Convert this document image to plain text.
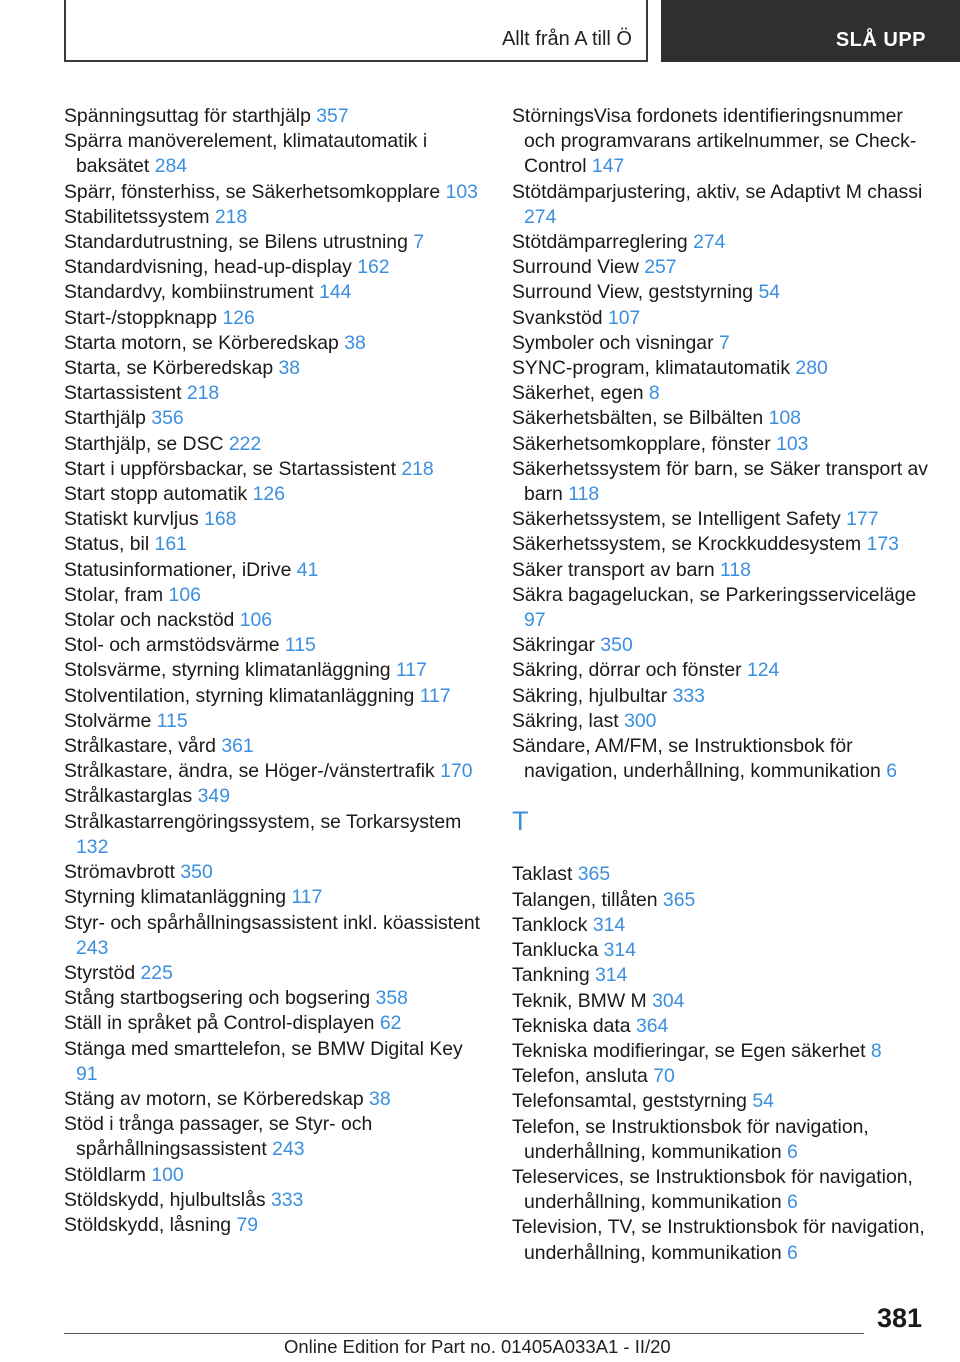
Allt från A till Ö	SLÅ UPP
Spänningsuttag för starthjälp 357
Spärra manöverelement, klimatautomatik i baksätet 284
Spärr, fönsterhiss, se Säkerhetsomkopplare 103
Stabilitetssystem 218
Standardutrustning, se Bilens utrustning 7
Standardvisning, head-up-display 162
Standardvy, kombiinstrument 144
Start-/stoppknapp 126
Starta motorn, se Körberedskap 38
Starta, se Körberedskap 38
Startassistent 218
Starthjälp 356
Starthjälp, se DSC 222
Start i uppförsbackar, se Startassistent 218
Start stopp automatik 126
Statiskt kurvljus 168
Status, bil 161
Statusinformationer, iDrive 41
Stolar, fram 106
Stolar och nackstöd 106
Stol- och armstödsvärme 115
Stolsvärme, styrning klimatanläggning 117
Stolventilation, styrning klimatanläggning 117
Stolvärme 115
Strålkastare, vård 361
Strålkastare, ändra, se Höger-/vänstertrafik 170
Strålkastarglas 349
Strålkastarrengöringssystem, se Torkarsystem 132
Strömavbrott 350
Styrning klimatanläggning 117
Styr- och spårhållningsassistent inkl. köassistent 243
Styrstöd 225
Stång startbogsering och bogsering 358
Ställ in språket på Control-displayen 62
Stänga med smarttelefon, se BMW Digital Key 91
Stäng av motorn, se Körberedskap 38
Stöd i trånga passager, se Styr- och spårhållningsassistent 243
Stöldlarm 100
Stöldskydd, hjulbultslås 333
Stöldskydd, låsning 79
StörningsVisa fordonets identifieringsnummer och programvarans artikelnummer, se Check-Control 147
Stötdämparjustering, aktiv, se Adaptivt M chassi 274
Stötdämparreglering 274
Surround View 257
Surround View, geststyrning 54
Svankstöd 107
Symboler och visningar 7
SYNC-program, klimatautomatik 280
Säkerhet, egen 8
Säkerhetsbälten, se Bilbälten 108
Säkerhetsomkopplare, fönster 103
Säkerhetssystem för barn, se Säker transport av barn 118
Säkerhetssystem, se Intelligent Safety 177
Säkerhetssystem, se Krockkuddesystem 173
Säker transport av barn 118
Säkra bagageluckan, se Parkeringsserviceläge 97
Säkringar 350
Säkring, dörrar och fönster 124
Säkring, hjulbultar 333
Säkring, last 300
Sändare, AM/FM, se Instruktionsbok för navigation, underhållning, kommunikation 6
T
Taklast 365
Talangen, tillåten 365
Tanklock 314
Tanklucka 314
Tankning 314
Teknik, BMW M 304
Tekniska data 364
Tekniska modifieringar, se Egen säkerhet 8
Telefon, ansluta 70
Telefonsamtal, geststyrning 54
Telefon, se Instruktionsbok för navigation, underhållning, kommunikation 6
Teleservices, se Instruktionsbok för navigation, underhållning, kommunikation 6
Television, TV, se Instruktionsbok för navigation, underhållning, kommunikation 6
381
Online Edition for Part no. 01405A033A1 - II/20
